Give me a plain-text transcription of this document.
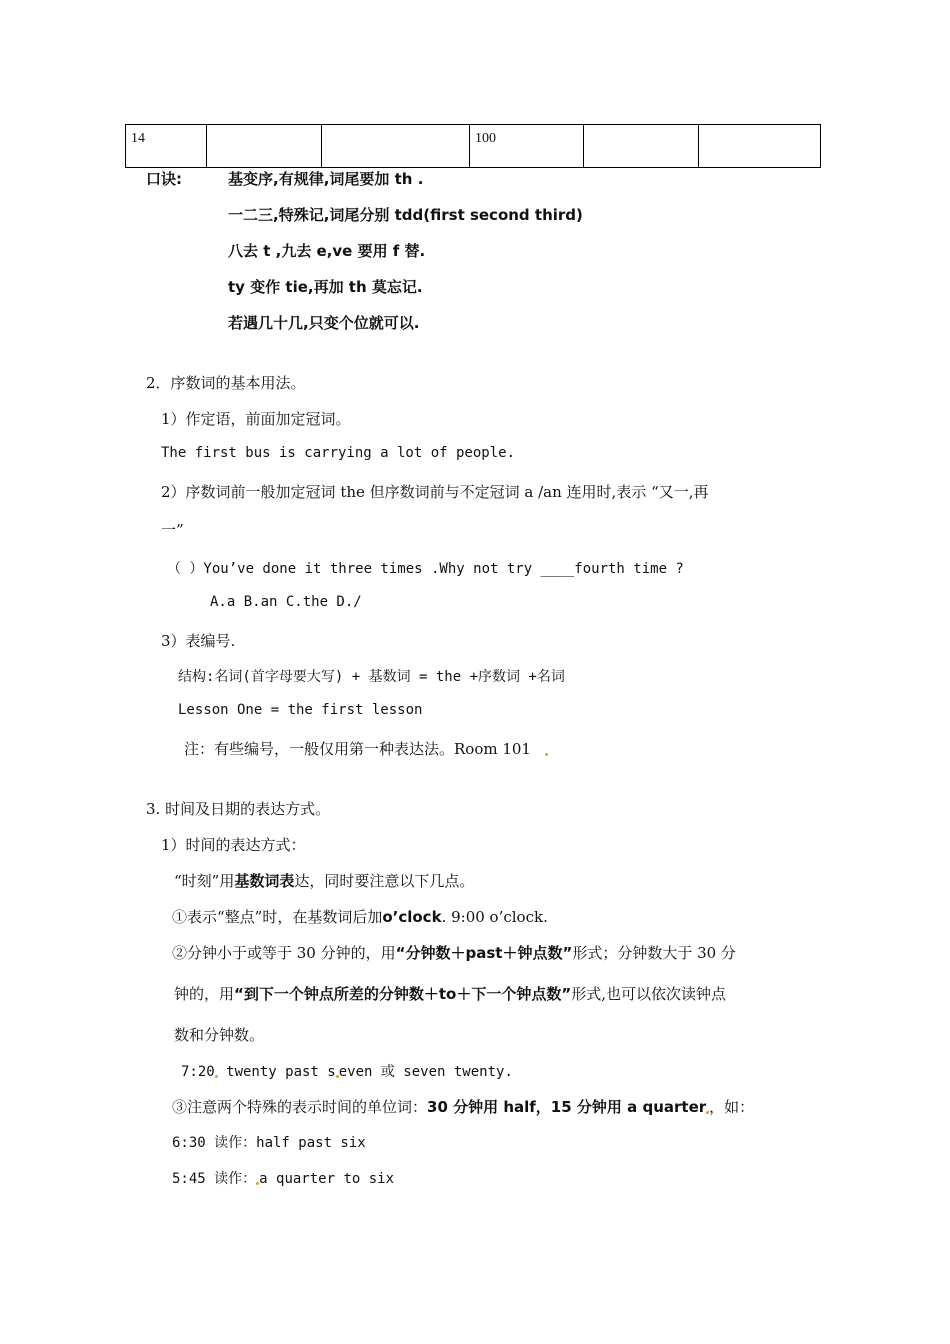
14			100		
口诀:	基变序,有规律,词尾要加 th .
一二三,特殊记,词尾分别 tdd(first second third)
八去 t ,九去 e,ve 要用 f 替.
ty 变作 tie,再加 th 莫忘记.
若遇几十几,只变个位就可以.
2．序数词的基本用法。
1）作定语，前面加定冠词。
The first bus is carrying a lot of people.
2）序数词前一般加定冠词 the 但序数词前与不定冠词 a /an 连用时,表示 “又一,再
一”
（ ）You’ve done it three times .Why not try ____fourth time ?
A.a B.an C.the D./
3）表编号.
结构:名词(首字母要大写) + 基数词 = the +序数词 +名词
Lesson One = the first lesson
注：有些编号，一般仅用第一种表达法。Room 101
3. 时间及日期的表达方式。
1）时间的表达方式：
“时刻”用基数词表达，同时要注意以下几点。
①表示“整点”时，在基数词后加o’clock. 9:00 o’clock.
②分钟小于或等于 30 分钟的，用“分钟数＋past＋钟点数”形式；分钟数大于 30 分
钟的，用“到下一个钟点所差的分钟数＋to＋下一个钟点数”形式,也可以依次读钟点
数和分钟数。
7:20 twenty past s even 或 seven twenty.
③注意两个特殊的表示时间的单位词：30 分钟用 half，15 分钟用 a quarter ，如：
6:30 读作：half past six
5:45 读作： a quarter to six
